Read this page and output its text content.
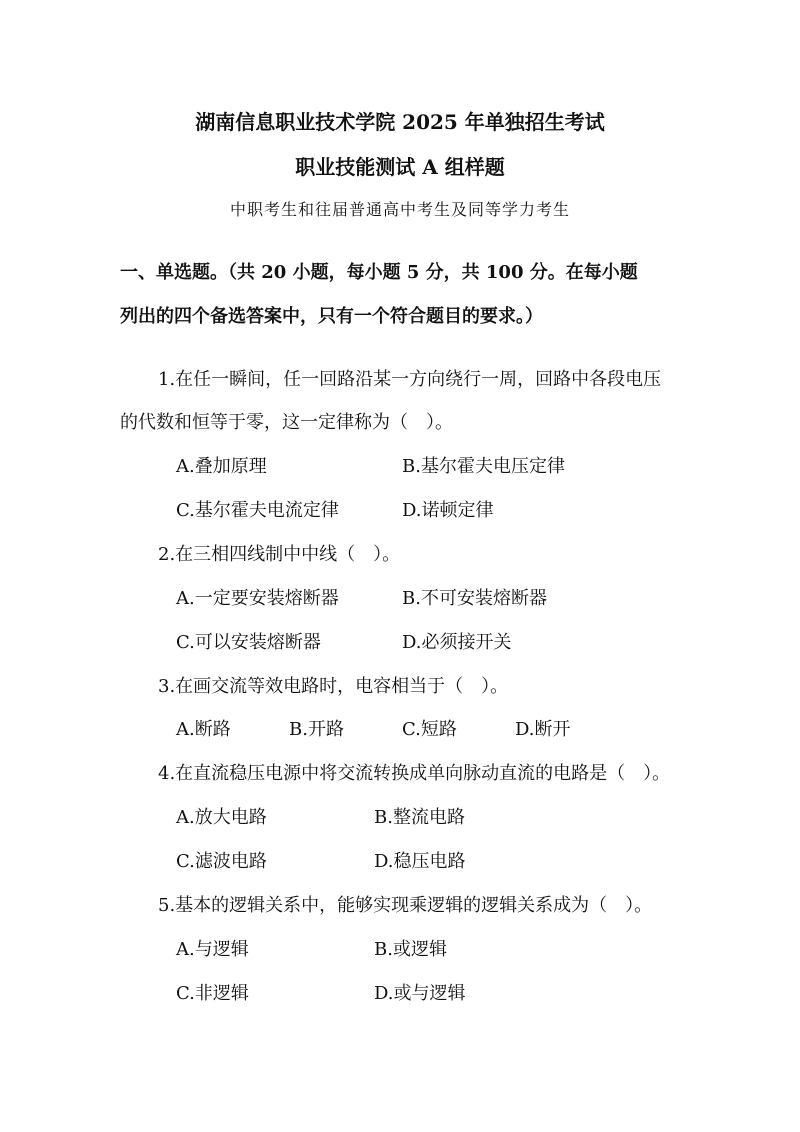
湖南信息职业技术学院 2025 年单独招生考试
职业技能测试 A 组样题
中职考生和往届普通高中考生及同等学力考生
一、单选题。（共 20 小题，每小题 5 分，共 100 分。在每小题
列出的四个备选答案中，只有一个符合题目的要求。）
1.在任一瞬间，任一回路沿某一方向绕行一周，回路中各段电压
的代数和恒等于零，这一定律称为（　）。
A.叠加原理	B.基尔霍夫电压定律
C.基尔霍夫电流定律	D.诺顿定律
2.在三相四线制中中线（　）。
A.一定要安装熔断器	B.不可安装熔断器
C.可以安装熔断器	D.必须接开关
3.在画交流等效电路时，电容相当于（　）。
A.断路	B.开路	C.短路	D.断开
4.在直流稳压电源中将交流转换成单向脉动直流的电路是（　）。
A.放大电路	B.整流电路
C.滤波电路	D.稳压电路
5.基本的逻辑关系中，能够实现乘逻辑的逻辑关系成为（　）。
A.与逻辑	B.或逻辑
C.非逻辑	D.或与逻辑
